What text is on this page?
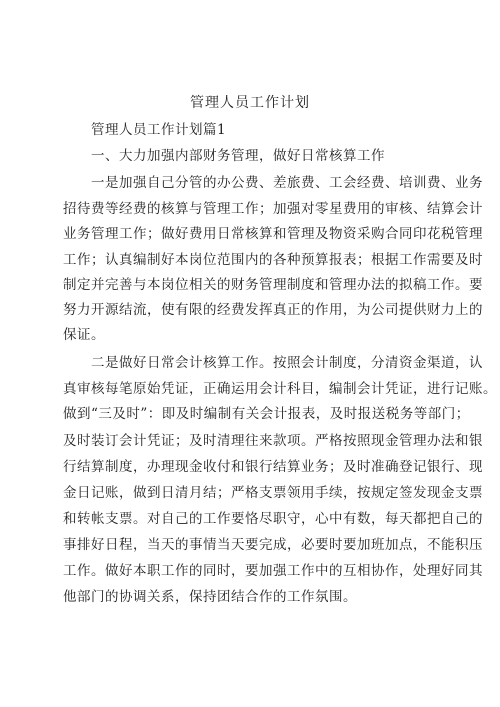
管理人员工作计划
管理人员工作计划篇1
一、大力加强内部财务管理，做好日常核算工作
一是加强自己分管的办公费、差旅费、工会经费、培训费、业务
招待费等经费的核算与管理工作；加强对零星费用的审核、结算会计
业务管理工作；做好费用日常核算和管理及物资采购合同印花税管理
工作；认真编制好本岗位范围内的各种预算报表；根据工作需要及时
制定并完善与本岗位相关的财务管理制度和管理办法的拟稿工作。要
努力开源结流，使有限的经费发挥真正的作用，为公司提供财力上的
保证。
二是做好日常会计核算工作。按照会计制度，分清资金渠道，认
真审核每笔原始凭证，正确运用会计科目，编制会计凭证，进行记账。
做到“三及时”：即及时编制有关会计报表，及时报送税务等部门；
及时装订会计凭证；及时清理往来款项。严格按照现金管理办法和银
行结算制度，办理现金收付和银行结算业务；及时准确登记银行、现
金日记账，做到日清月结；严格支票领用手续，按规定签发现金支票
和转帐支票。对自己的工作要恪尽职守，心中有数，每天都把自己的
事排好日程，当天的事情当天要完成，必要时要加班加点，不能积压
工作。做好本职工作的同时，要加强工作中的互相协作，处理好同其
他部门的协调关系，保持团结合作的工作氛围。
